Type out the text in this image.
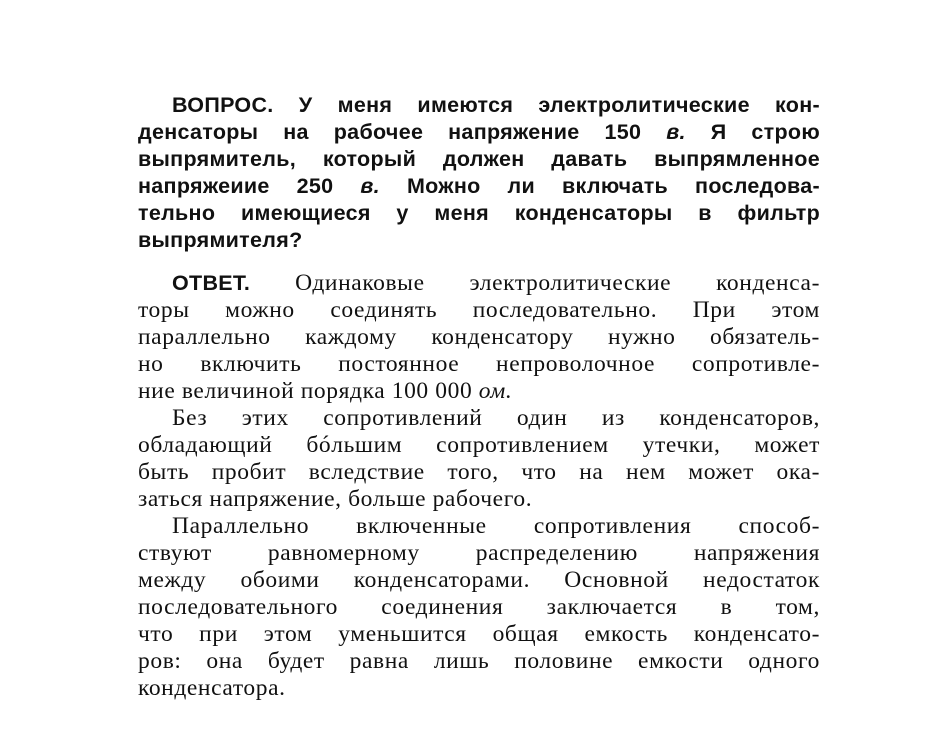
ВОПРОС. У меня имеются электролитические кон-
денсаторы на рабочее напряжение 150 в. Я строю
выпрямитель, который должен давать выпрямленное
напряжеиие 250 в. Можно ли включать последова-
тельно имеющиеся у меня конденсаторы в фильтр
выпрямителя?
ОТВЕТ. Одинаковые электролитические конденса-
торы можно соединять последовательно. При этом
параллельно каждому конденсатору нужно обязатель-
но включить постоянное непроволочное сопротивле-
ние величиной порядка 100 000 ом.
Без этих сопротивлений один из конденсаторов,
обладающий бóльшим сопротивлением утечки, может
быть пробит вследствие того, что на нем может ока-
заться напряжение, больше рабочего.
Параллельно включенные сопротивления способ-
ствуют равномерному распределению напряжения
между обоими конденсаторами. Основной недостаток
последовательного соединения заключается в том,
что при этом уменьшится общая емкость конденсато-
ров: она будет равна лишь половине емкости одного
конденсатора.
